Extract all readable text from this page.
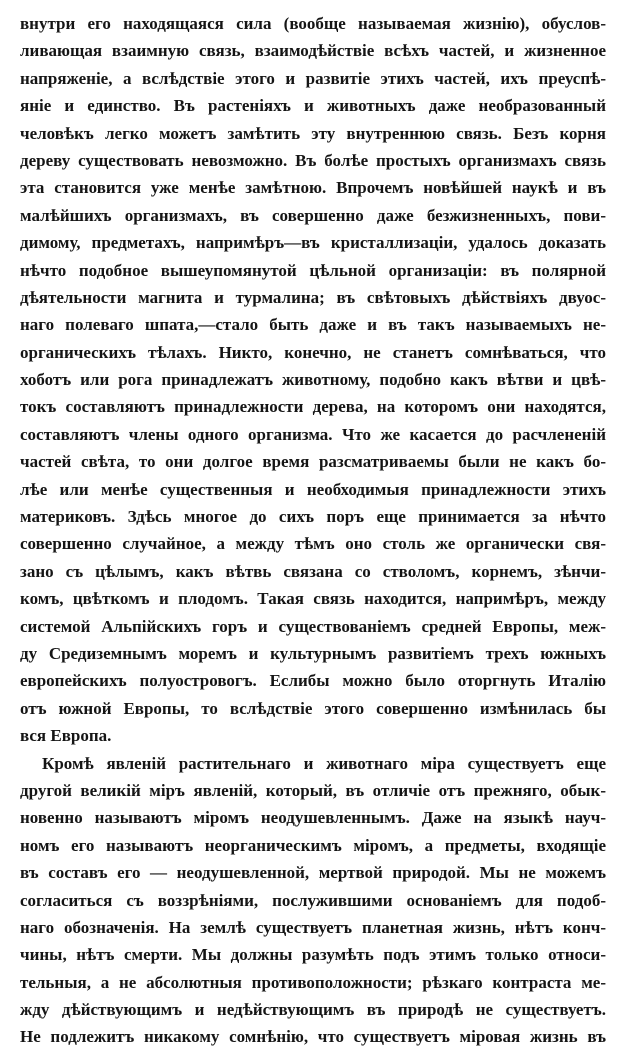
внутри его находящаяся сила (вообще называемая жизнію), обуслов-
ливающая взаимную связь, взаимодѣйствіе всѣхъ частей, и жизненное
напряженіе, а вслѣдствіе этого и развитіе этихъ частей, ихъ преуспѣ-
яніе и единство. Въ растеніяхъ и животныхъ даже необразованный
человѣкъ легко можетъ замѣтить эту внутреннюю связь. Безъ корня
дереву существовать невозможно. Въ болѣе простыхъ организмахъ связь
эта становится уже менѣе замѣтною. Впрочемъ новѣйшей наукѣ и въ
малѣйшихъ организмахъ, въ совершенно даже безжизненныхъ, пови-
димому, предметахъ, напримѣръ—въ кристаллизаціи, удалось доказать
нѣчто подобное вышеупомянутой цѣльной организаціи: въ полярной
дѣятельности магнита и турмалина; въ свѣтовыхъ дѣйствіяхъ двуос-
наго полеваго шпата,—стало быть даже и въ такъ называемыхъ не-
органическихъ тѣлахъ. Никто, конечно, не станетъ сомнѣваться, что
хоботъ или рога принадлежатъ животному, подобно какъ вѣтви и цвѣ-
токъ составляютъ принадлежности дерева, на которомъ они находятся,
составляютъ члены одного организма. Что же касается до расчлененій
частей свѣта, то они долгое время разсматриваемы были не какъ бо-
лѣе или менѣе существенныя и необходимыя принадлежности этихъ
материковъ. Здѣсь многое до сихъ поръ еще принимается за нѣчто
совершенно случайное, а между тѣмъ оно столь же органически свя-
зано съ цѣлымъ, какъ вѣтвь связана со стволомъ, корнемъ, зѣнчи-
комъ, цвѣткомъ и плодомъ. Такая связь находится, напримѣръ, между
системой Альпійскихъ горъ и существованіемъ средней Европы, меж-
ду Средиземнымъ моремъ и культурнымъ развитіемъ трехъ южныхъ
европейскихъ полуостровогъ. Еслибы можно было оторгнуть Италію
отъ южной Европы, то вслѣдствіе этого совершенно измѣнилась бы
вся Европа.
Кромѣ явленій растительнаго и животнаго міра существуетъ еще
другой великій міръ явленій, который, въ отличіе отъ прежняго, обык-
новенно называютъ міромъ неодушевленнымъ. Даже на языкѣ науч-
номъ его называютъ неорганическимъ міромъ, а предметы, входящіе
въ составъ его — неодушевленной, мертвой природой. Мы не можемъ
согласиться съ воззрѣніями, послужившими основаніемъ для подоб-
наго обозначенія. На землѣ существуетъ планетная жизнь, нѣтъ конч-
чины, нѣтъ смерти. Мы должны разумѣть подъ этимъ только относи-
тельныя, а не абсолютныя противоположности; рѣзкаго контраста ме-
жду дѣйствующимъ и недѣйствующимъ въ природѣ не существуетъ.
Не подлежитъ никакому сомнѣнію, что существуетъ міровая жизнь въ
